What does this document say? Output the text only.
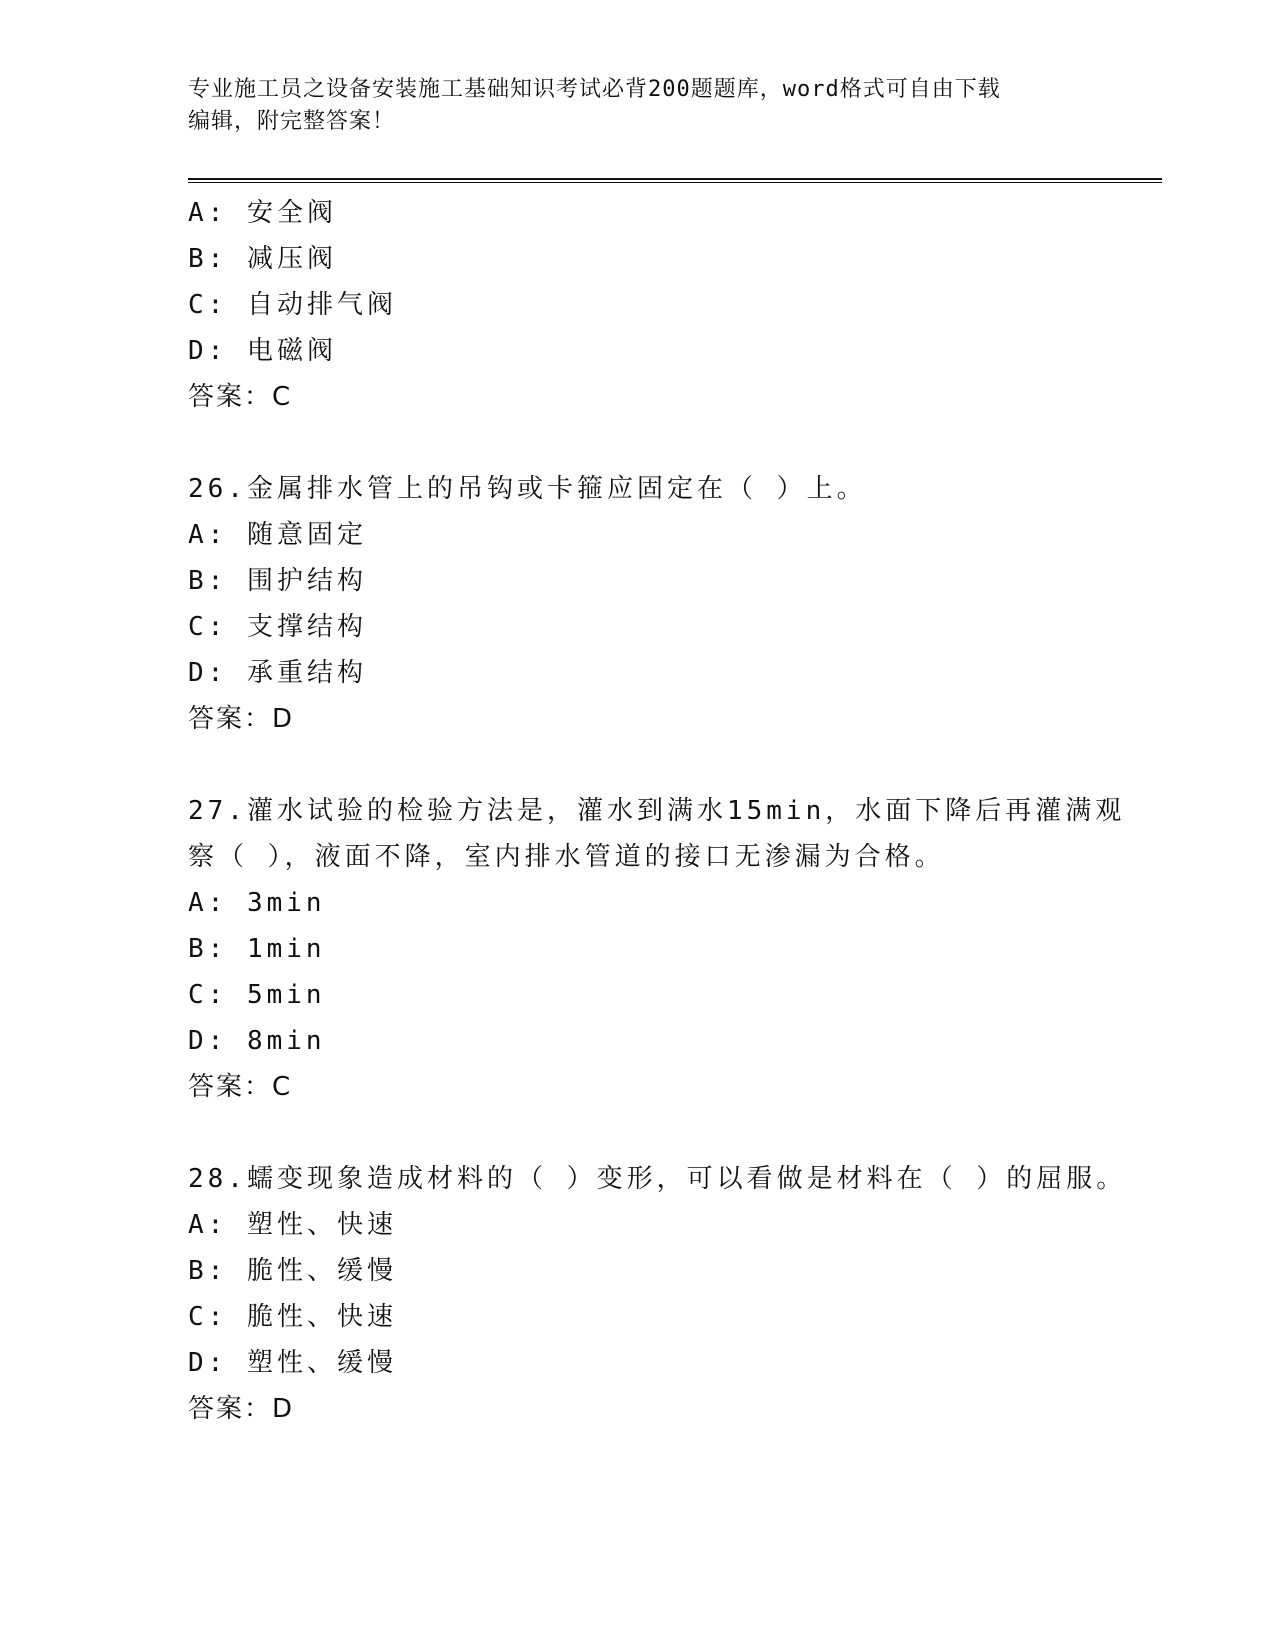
专业施工员之设备安装施工基础知识考试必背200题题库，word格式可自由下载
编辑，附完整答案！
A: 安全阀
B: 减压阀
C: 自动排气阀
D: 电磁阀
答案：C
26.金属排水管上的吊钩或卡箍应固定在（ ）上。
A: 随意固定
B: 围护结构
C: 支撑结构
D: 承重结构
答案：D
27.灌水试验的检验方法是，灌水到满水15min，水面下降后再灌满观
察（ ），液面不降，室内排水管道的接口无渗漏为合格。
A: 3min
B: 1min
C: 5min
D: 8min
答案：C
28.蠕变现象造成材料的（ ）变形，可以看做是材料在（ ）的屈服。
A: 塑性、快速
B: 脆性、缓慢
C: 脆性、快速
D: 塑性、缓慢
答案：D
